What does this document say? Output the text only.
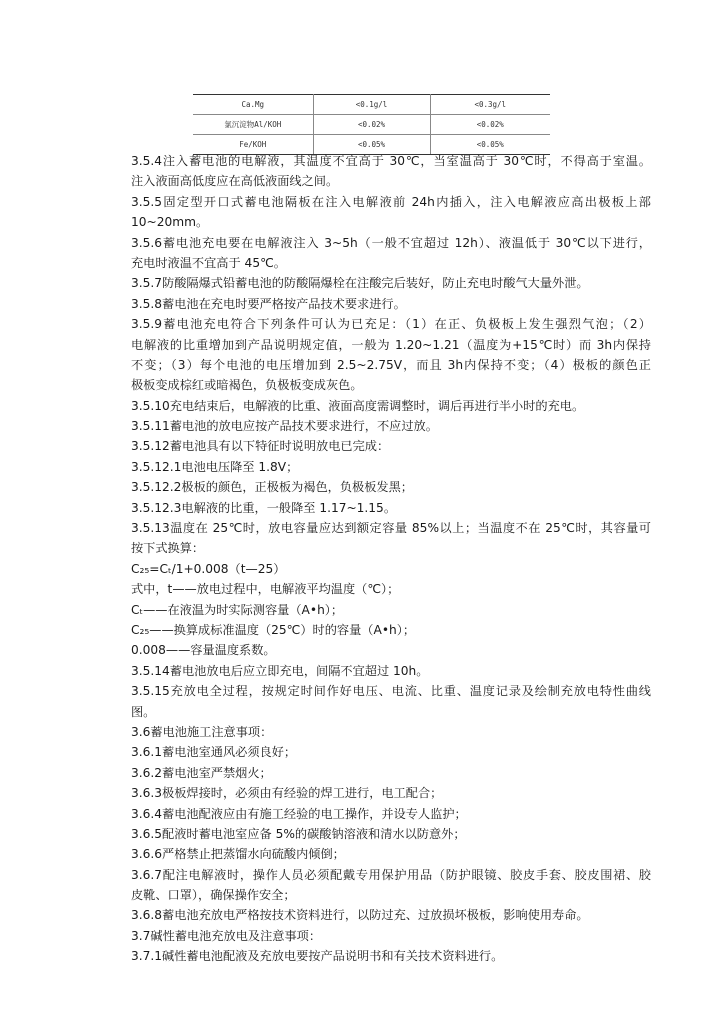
Ca.Mg	<0.1g/l	<0.3g/l
氯沉淀物Al/KOH	<0.02%	<0.02%
Fe/KOH	<0.05%	<0.05%
3.5.4注入蓄电池的电解液，其温度不宜高于 30℃，当室温高于 30℃时，不得高于室温。
注入液面高低度应在高低液面线之间。
3.5.5固定型开口式蓄电池隔板在注入电解液前 24h内插入，注入电解液应高出极板上部
10~20mm。
3.5.6蓄电池充电要在电解液注入 3~5h（一般不宜超过 12h）、液温低于 30℃以下进行，
充电时液温不宜高于 45℃。
3.5.7防酸隔爆式铅蓄电池的防酸隔爆栓在注酸完后装好，防止充电时酸气大量外泄。
3.5.8蓄电池在充电时要严格按产品技术要求进行。
3.5.9蓄电池充电符合下列条件可认为已充足：（1）在正、负极板上发生强烈气泡；（2）
电解液的比重增加到产品说明规定值，一般为 1.20~1.21（温度为+15℃时）而 3h内保持
不变；（3）每个电池的电压增加到 2.5~2.75V，而且 3h内保持不变；（4）极板的颜色正
极板变成棕红或暗褐色，负极板变成灰色。
3.5.10充电结束后，电解液的比重、液面高度需调整时，调后再进行半小时的充电。
3.5.11蓄电池的放电应按产品技术要求进行，不应过放。
3.5.12蓄电池具有以下特征时说明放电已完成：
3.5.12.1电池电压降至 1.8V；
3.5.12.2极板的颜色，正极板为褐色，负极板发黑；
3.5.12.3电解液的比重，一般降至 1.17~1.15。
3.5.13温度在 25℃时，放电容量应达到额定容量 85%以上；当温度不在 25℃时，其容量可
按下式换算：
C₂₅=Cₜ/1+0.008（t—25）
式中，t——放电过程中，电解液平均温度（℃）；
Cₜ——在液温为时实际测容量（A•h）；
C₂₅——换算成标准温度（25℃）时的容量（A•h）；
0.008——容量温度系数。
3.5.14蓄电池放电后应立即充电，间隔不宜超过 10h。
3.5.15充放电全过程，按规定时间作好电压、电流、比重、温度记录及绘制充放电特性曲线
图。
3.6蓄电池施工注意事项：
3.6.1蓄电池室通风必须良好；
3.6.2蓄电池室严禁烟火；
3.6.3极板焊接时，必须由有经验的焊工进行，电工配合；
3.6.4蓄电池配液应由有施工经验的电工操作，并设专人监护；
3.6.5配液时蓄电池室应备 5%的碳酸钠溶液和清水以防意外；
3.6.6严格禁止把蒸馏水向硫酸内倾倒；
3.6.7配注电解液时，操作人员必须配戴专用保护用品（防护眼镜、胶皮手套、胶皮围裙、胶
皮靴、口罩），确保操作安全；
3.6.8蓄电池充放电严格按技术资料进行，以防过充、过放损坏极板，影响使用寿命。
3.7碱性蓄电池充放电及注意事项：
3.7.1碱性蓄电池配液及充放电要按产品说明书和有关技术资料进行。
